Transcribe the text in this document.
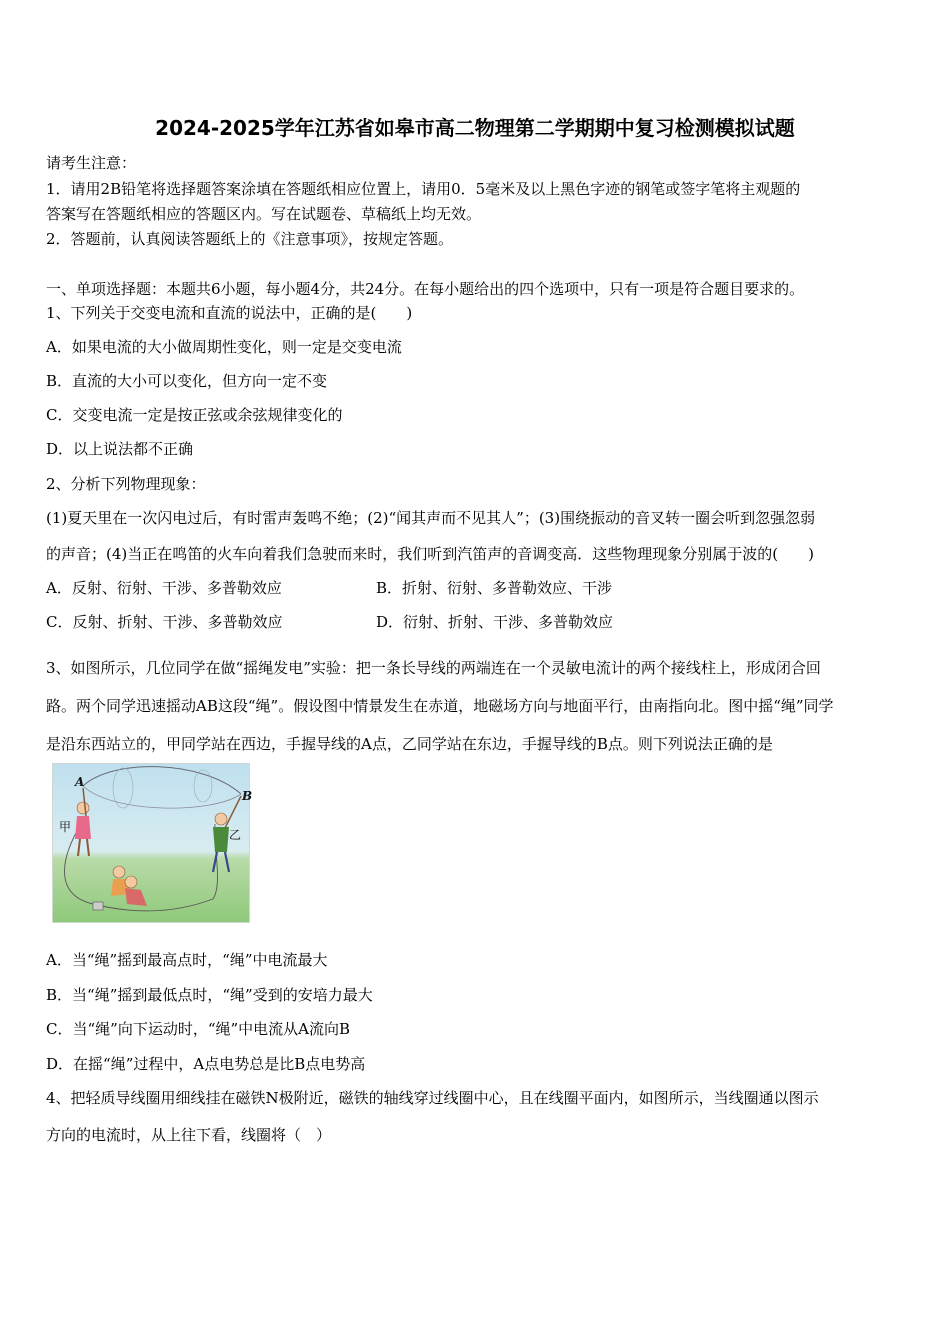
2024-2025学年江苏省如皋市高二物理第二学期期中复习检测模拟试题
请考生注意：
1．请用2B铅笔将选择题答案涂填在答题纸相应位置上，请用0．5毫米及以上黑色字迹的钢笔或签字笔将主观题的
答案写在答题纸相应的答题区内。写在试题卷、草稿纸上均无效。
2．答题前，认真阅读答题纸上的《注意事项》，按规定答题。
一、单项选择题：本题共6小题，每小题4分，共24分。在每小题给出的四个选项中，只有一项是符合题目要求的。
1、下列关于交变电流和直流的说法中，正确的是(　　)
A．如果电流的大小做周期性变化，则一定是交变电流
B．直流的大小可以变化，但方向一定不变
C．交变电流一定是按正弦或余弦规律变化的
D．以上说法都不正确
2、分析下列物理现象：
(1)夏天里在一次闪电过后，有时雷声轰鸣不绝；(2)“闻其声而不见其人”；(3)围绕振动的音叉转一圈会听到忽强忽弱
的声音；(4)当正在鸣笛的火车向着我们急驶而来时，我们听到汽笛声的音调变高．这些物理现象分别属于波的(　　)
A．反射、衍射、干涉、多普勒效应	B．折射、衍射、多普勒效应、干涉
C．反射、折射、干涉、多普勒效应	D．衍射、折射、干涉、多普勒效应
3、如图所示，几位同学在做“摇绳发电”实验：把一条长导线的两端连在一个灵敏电流计的两个接线柱上，形成闭合回
路。两个同学迅速摇动AB这段“绳”。假设图中情景发生在赤道，地磁场方向与地面平行，由南指向北。图中摇“绳”同学
是沿东西站立的，甲同学站在西边，手握导线的A点，乙同学站在东边，手握导线的B点。则下列说法正确的是
A
B
甲
乙
A．当“绳”摇到最高点时，“绳”中电流最大
B．当“绳”摇到最低点时，“绳”受到的安培力最大
C．当“绳”向下运动时，“绳”中电流从A流向B
D．在摇“绳”过程中，A点电势总是比B点电势高
4、把轻质导线圈用细线挂在磁铁N极附近，磁铁的轴线穿过线圈中心，且在线圈平面内，如图所示，当线圈通以图示
方向的电流时，从上往下看，线圈将（　）
